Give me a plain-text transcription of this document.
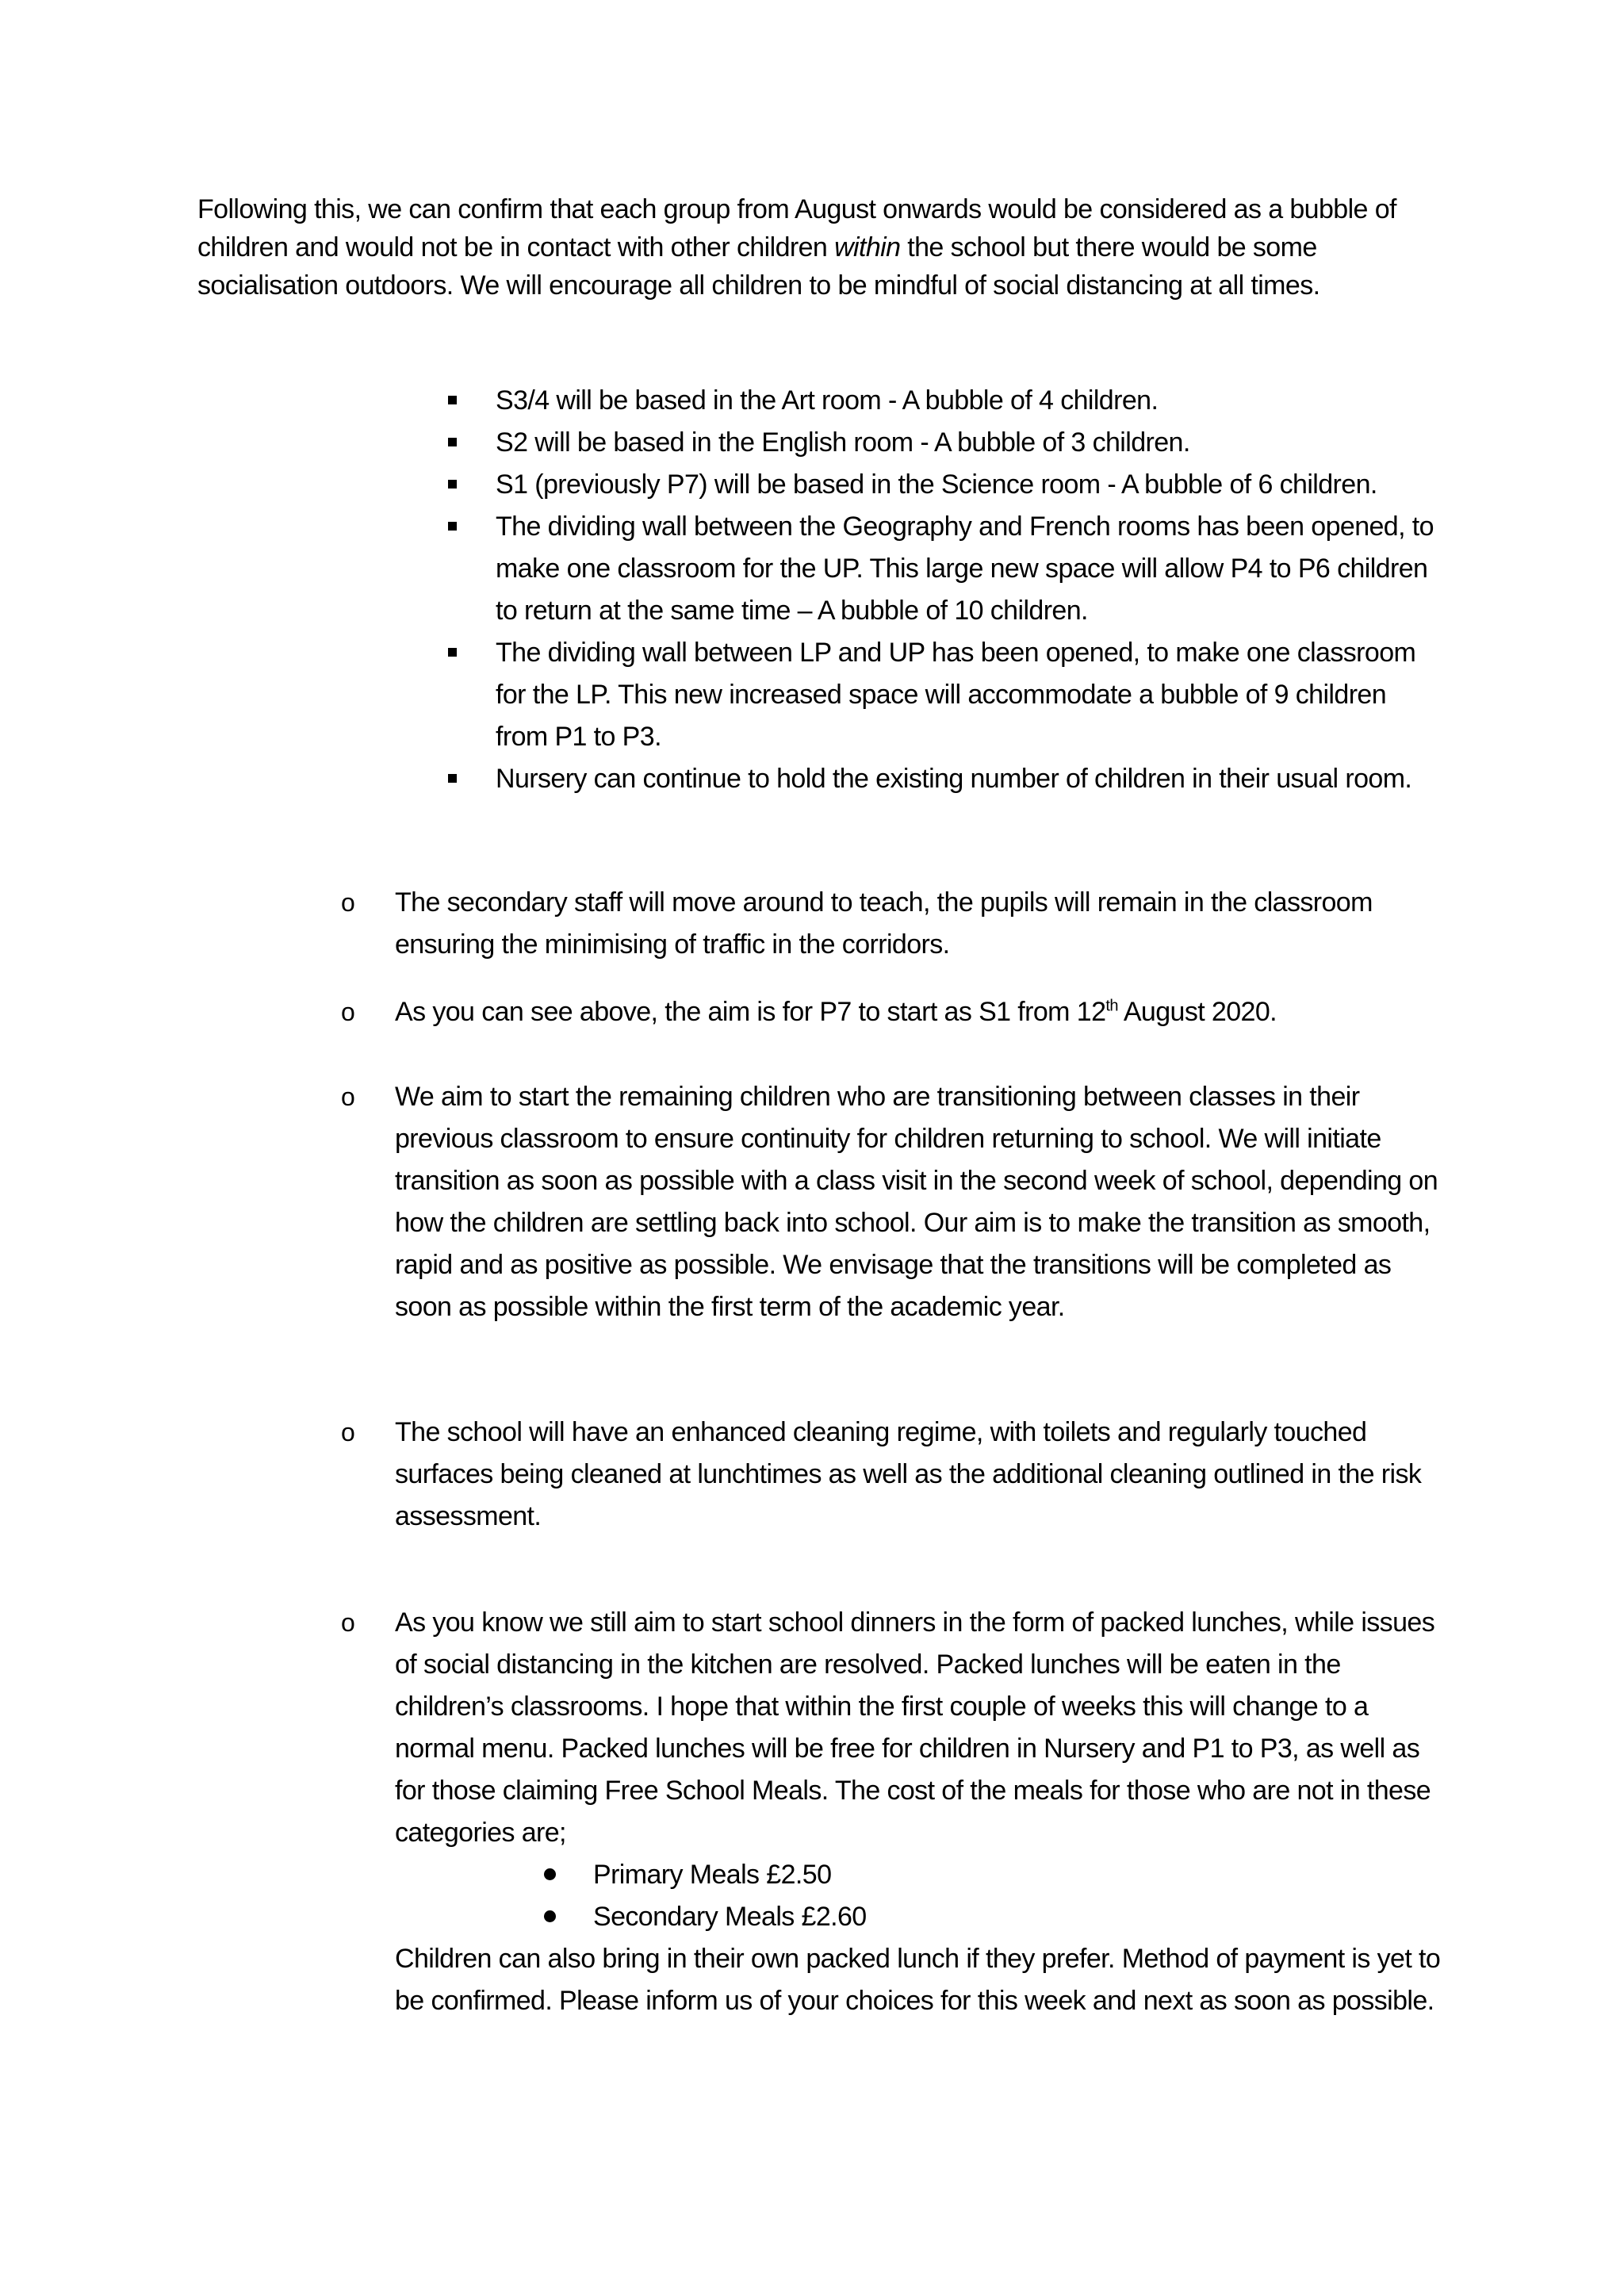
Following this, we can confirm that each group from August onwards would be considered as a bubble of children and would not be in contact with other children within the school but there would be some socialisation outdoors. We will encourage all children to be mindful of social distancing at all times.

S3/4 will be based in the Art room - A bubble of 4 children.
S2 will be based in the English room - A bubble of 3 children.
S1 (previously P7) will be based in the Science room - A bubble of 6 children.
The dividing wall between the Geography and French rooms has been opened, to make one classroom for the UP. This large new space will allow P4 to P6 children to return at the same time – A bubble of 10 children.
The dividing wall between LP and UP has been opened, to make one classroom for the LP. This new increased space will accommodate a bubble of 9 children from P1 to P3.
Nursery can continue to hold the existing number of children in their usual room.
o The secondary staff will move around to teach, the pupils will remain in the classroom ensuring the minimising of traffic in the corridors.
o As you can see above, the aim is for P7 to start as S1 from 12th August 2020.
o We aim to start the remaining children who are transitioning between classes in their previous classroom to ensure continuity for children returning to school. We will initiate transition as soon as possible with a class visit in the second week of school, depending on how the children are settling back into school. Our aim is to make the transition as smooth, rapid and as positive as possible. We envisage that the transitions will be completed as soon as possible within the first term of the academic year.
o The school will have an enhanced cleaning regime, with toilets and regularly touched surfaces being cleaned at lunchtimes as well as the additional cleaning outlined in the risk assessment.
o As you know we still aim to start school dinners in the form of packed lunches, while issues of social distancing in the kitchen are resolved. Packed lunches will be eaten in the children’s classrooms. I hope that within the first couple of weeks this will change to a normal menu. Packed lunches will be free for children in Nursery and P1 to P3, as well as for those claiming Free School Meals. The cost of the meals for those who are not in these categories are;
Primary Meals £2.50
Secondary Meals £2.60
Children can also bring in their own packed lunch if they prefer. Method of payment is yet to be confirmed. Please inform us of your choices for this week and next as soon as possible.
